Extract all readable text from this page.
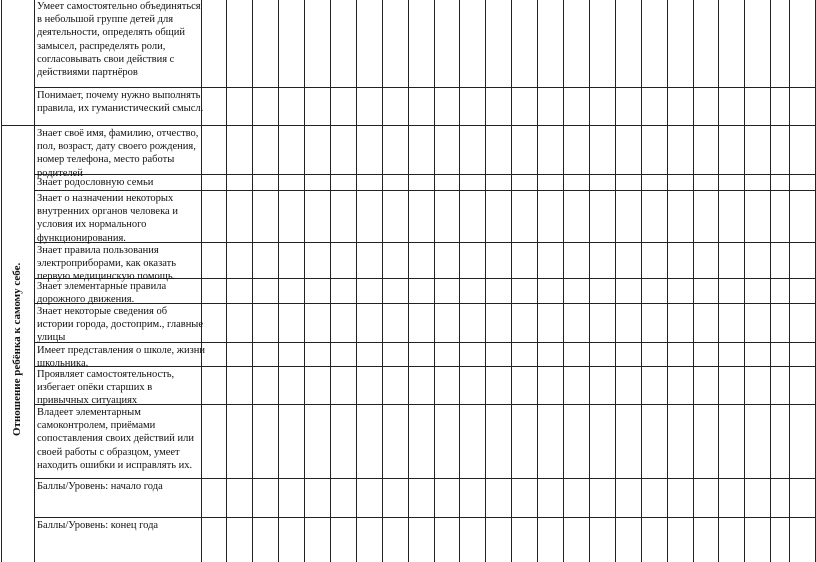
Умеет самостоятельно объединяться в небольшой группе детей для деятельности, определять общий замысел, распределять роли, согласовывать свои действия с действиями партнёров
Понимает, почему нужно выполнять правила, их гуманистический смысл.
Знает своё имя, фамилию, отчество, пол, возраст, дату своего рождения, номер телефона, место работы родителей
Знает родословную семьи
Знает о назначении некоторых внутренних органов человека и условия их нормального функционирования.
Знает правила пользования электроприборами, как оказать первую медицинскую помощь.
Знает элементарные правила дорожного движения.
Знает некоторые сведения об истории города, достоприм., главные улицы
Имеет представления о школе, жизни школьника.
Проявляет самостоятельность, избегает опёки старших в привычных ситуациях
Владеет элементарным самоконтролем, приёмами сопоставления своих действий или своей работы с образцом, умеет находить ошибки и исправлять их.
Баллы/Уровень: начало года
Баллы/Уровень: конец года
Отношение ребёнка к самому себе.
